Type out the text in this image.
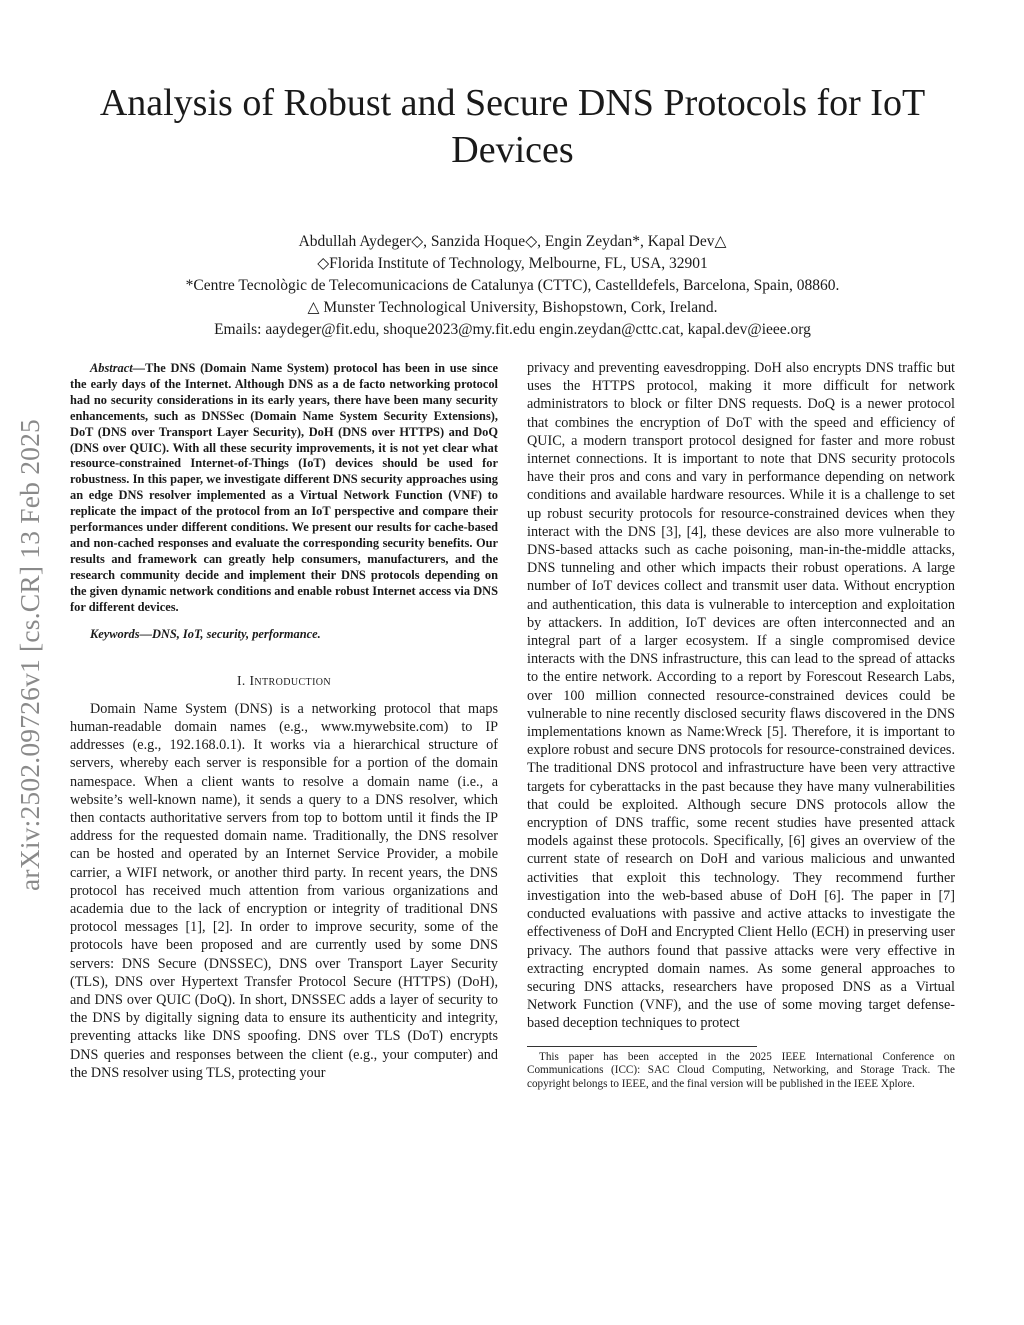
arXiv:2502.09726v1 [cs.CR] 13 Feb 2025
Analysis of Robust and Secure DNS Protocols for IoT Devices
Abdullah Aydeger◇, Sanzida Hoque◇, Engin Zeydan*, Kapal Dev△
◇Florida Institute of Technology, Melbourne, FL, USA, 32901
*Centre Tecnològic de Telecomunicacions de Catalunya (CTTC), Castelldefels, Barcelona, Spain, 08860.
△ Munster Technological University, Bishopstown, Cork, Ireland.
Emails: aaydeger@fit.edu, shoque2023@my.fit.edu engin.zeydan@cttc.cat, kapal.dev@ieee.org

Abstract—The DNS (Domain Name System) protocol has been in use since the early days of the Internet. Although DNS as a de facto networking protocol had no security considerations in its early years, there have been many security enhancements, such as DNSSec (Domain Name System Security Extensions), DoT (DNS over Transport Layer Security), DoH (DNS over HTTPS) and DoQ (DNS over QUIC). With all these security improvements, it is not yet clear what resource-constrained Internet-of-Things (IoT) devices should be used for robustness. In this paper, we investigate different DNS security approaches using an edge DNS resolver implemented as a Virtual Network Function (VNF) to replicate the impact of the protocol from an IoT perspective and compare their performances under different conditions. We present our results for cache-based and non-cached responses and evaluate the corresponding security benefits. Our results and framework can greatly help consumers, manufacturers, and the research community decide and implement their DNS protocols depending on the given dynamic network conditions and enable robust Internet access via DNS for different devices.

Keywords—DNS, IoT, security, performance.

I. Introduction

Domain Name System (DNS) is a networking protocol that maps human-readable domain names (e.g., www.mywebsite.com) to IP addresses (e.g., 192.168.0.1). It works via a hierarchical structure of servers, whereby each server is responsible for a portion of the domain namespace. When a client wants to resolve a domain name (i.e., a website’s well-known name), it sends a query to a DNS resolver, which then contacts authoritative servers from top to bottom until it finds the IP address for the requested domain name. Traditionally, the DNS resolver can be hosted and operated by an Internet Service Provider, a mobile carrier, a WIFI network, or another third party. In recent years, the DNS protocol has received much attention from various organizations and academia due to the lack of encryption or integrity of traditional DNS protocol messages [1], [2]. In order to improve security, some of the protocols have been proposed and are currently used by some DNS servers: DNS Secure (DNSSEC), DNS over Transport Layer Security (TLS), DNS over Hypertext Transfer Protocol Secure (HTTPS) (DoH), and DNS over QUIC (DoQ). In short, DNSSEC adds a layer of security to the DNS by digitally signing data to ensure its authenticity and integrity, preventing attacks like DNS spoofing. DNS over TLS (DoT) encrypts DNS queries and responses between the client (e.g., your computer) and the DNS resolver using TLS, protecting your

privacy and preventing eavesdropping. DoH also encrypts DNS traffic but uses the HTTPS protocol, making it more difficult for network administrators to block or filter DNS requests. DoQ is a newer protocol that combines the encryption of DoT with the speed and efficiency of QUIC, a modern transport protocol designed for faster and more robust internet connections. It is important to note that DNS security protocols have their pros and cons and vary in performance depending on network conditions and available hardware resources. While it is a challenge to set up robust security protocols for resource-constrained devices when they interact with the DNS [3], [4], these devices are also more vulnerable to DNS-based attacks such as cache poisoning, man-in-the-middle attacks, DNS tunneling and other which impacts their robust operations. A large number of IoT devices collect and transmit user data. Without encryption and authentication, this data is vulnerable to interception and exploitation by attackers. In addition, IoT devices are often interconnected and an integral part of a larger ecosystem. If a single compromised device interacts with the DNS infrastructure, this can lead to the spread of attacks to the entire network. According to a report by Forescout Research Labs, over 100 million connected resource-constrained devices could be vulnerable to nine recently disclosed security flaws discovered in the DNS implementations known as Name:Wreck [5]. Therefore, it is important to explore robust and secure DNS protocols for resource-constrained devices. The traditional DNS protocol and infrastructure have been very attractive targets for cyberattacks in the past because they have many vulnerabilities that could be exploited. Although secure DNS protocols allow the encryption of DNS traffic, some recent studies have presented attack models against these protocols. Specifically, [6] gives an overview of the current state of research on DoH and various malicious and unwanted activities that exploit this technology. They recommend further investigation into the web-based abuse of DoH [6]. The paper in [7] conducted evaluations with passive and active attacks to investigate the effectiveness of DoH and Encrypted Client Hello (ECH) in preserving user privacy. The authors found that passive attacks were very effective in extracting encrypted domain names. As some general approaches to securing DNS attacks, researchers have proposed DNS as a Virtual Network Function (VNF), and the use of some moving target defense-based deception techniques to protect

This paper has been accepted in the 2025 IEEE International Conference on Communications (ICC): SAC Cloud Computing, Networking, and Storage Track. The copyright belongs to IEEE, and the final version will be published in the IEEE Xplore.
